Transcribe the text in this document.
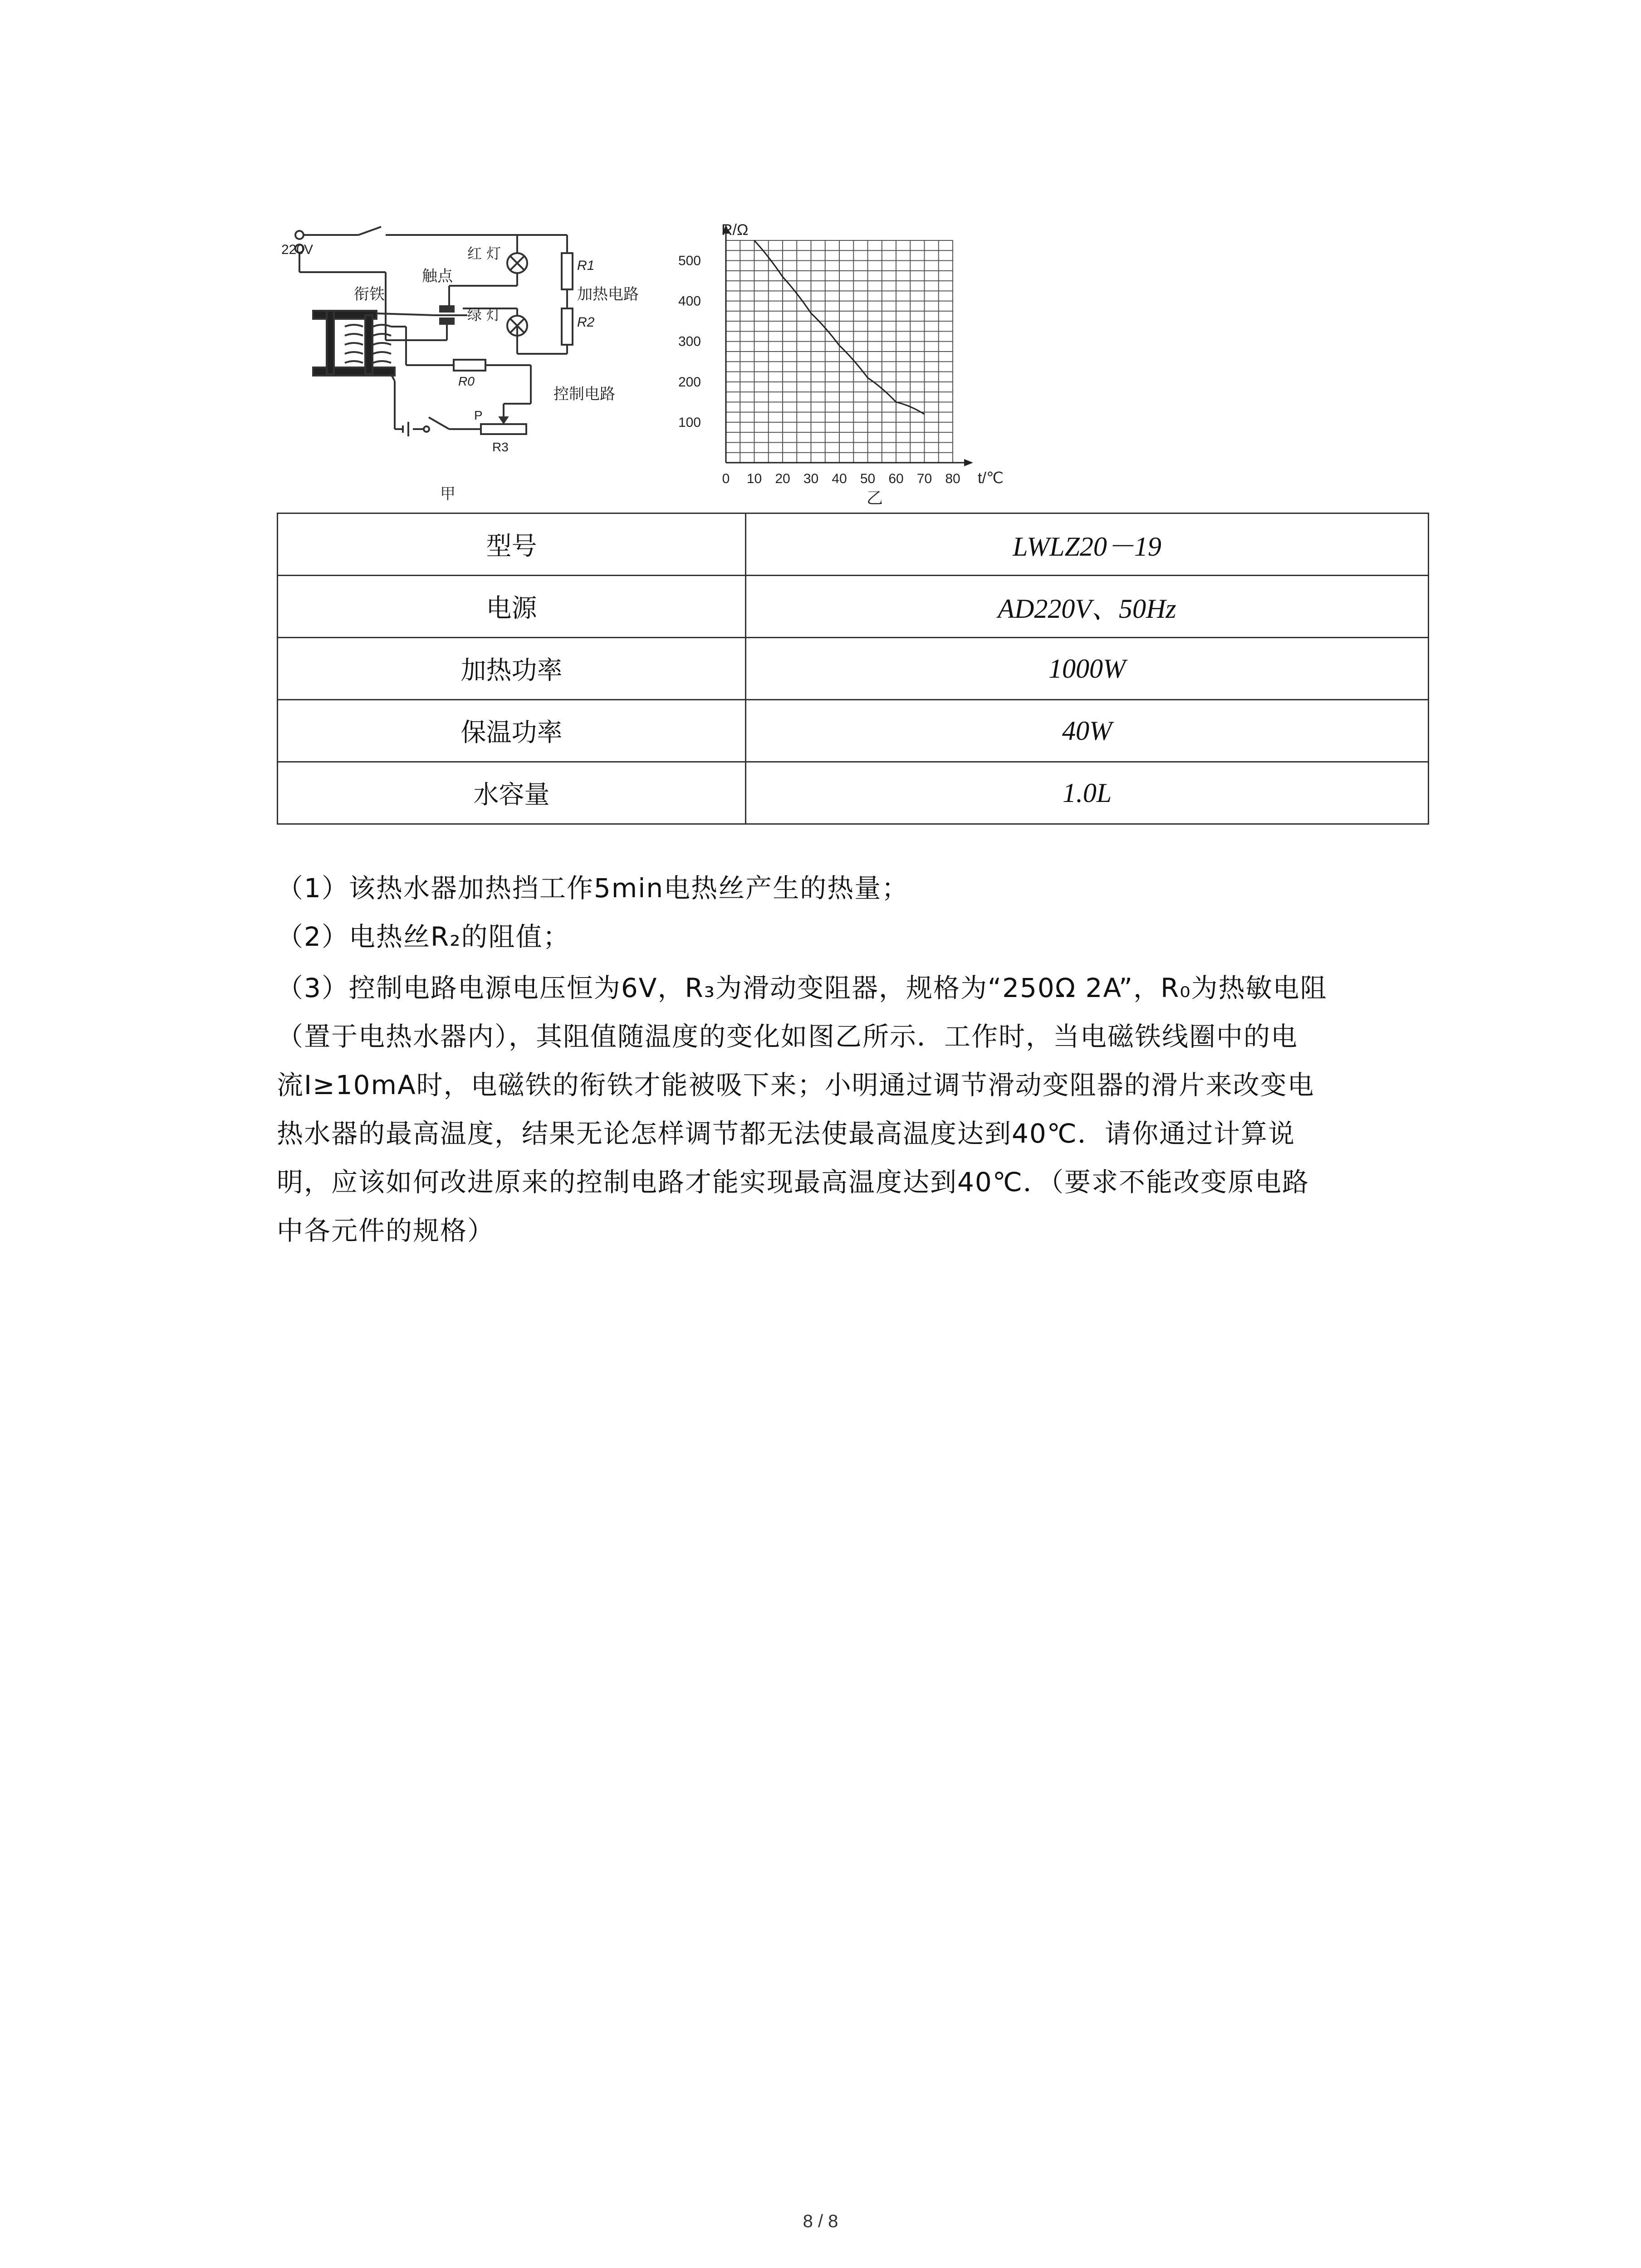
220V
衔铁
触点
红 灯
绿 灯
R1
R2
加热电路
R0
控制电路
P
R3
甲
0 10 20 30 40 50 60 70 80
100
200
300
400
500
R/Ω
t/℃
乙
型号	LWLZ20－19
电源	AD220V、50Hz
加热功率	1000W
保温功率	40W
水容量	1.0L
（1）该热水器加热挡工作5min电热丝产生的热量；
（2）电热丝R₂的阻值；
（3）控制电路电源电压恒为6V，R₃为滑动变阻器，规格为“250Ω 2A”，R₀为热敏电阻
（置于电热水器内），其阻值随温度的变化如图乙所示．工作时，当电磁铁线圈中的电
流I≥10mA时，电磁铁的衔铁才能被吸下来；小明通过调节滑动变阻器的滑片来改变电
热水器的最高温度，结果无论怎样调节都无法使最高温度达到40℃．请你通过计算说
明，应该如何改进原来的控制电路才能实现最高温度达到40℃．（要求不能改变原电路
中各元件的规格）
8 / 8
